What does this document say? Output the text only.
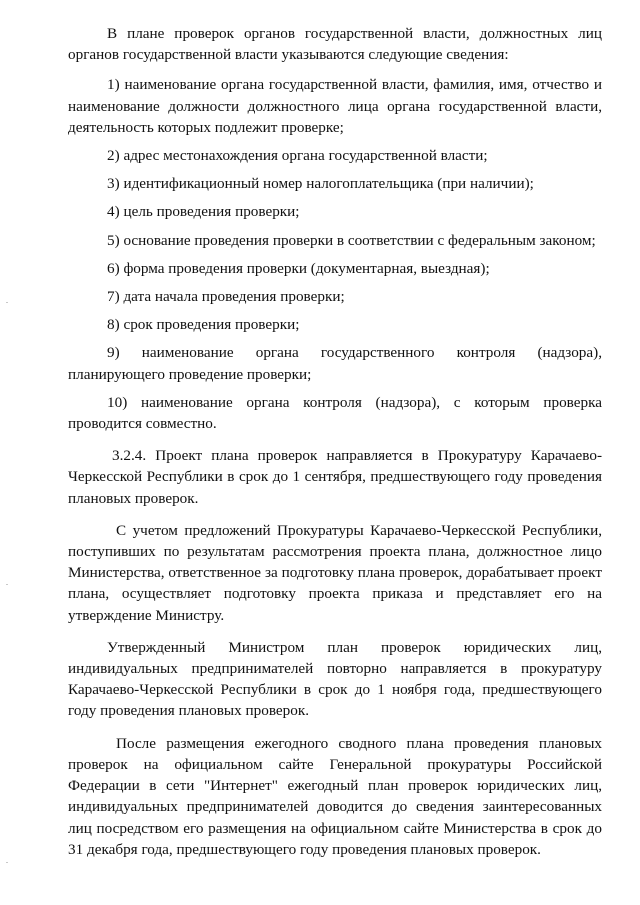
В плане проверок органов государственной власти, должностных лиц органов государственной власти указываются следующие сведения:

1) наименование органа государственной власти, фамилия, имя, отчество и наименование должности должностного лица органа государственной власти, деятельность которых подлежит проверке;

2) адрес местонахождения органа государственной власти;

3) идентификационный номер налогоплательщика (при наличии);

4) цель проведения проверки;

5) основание проведения проверки в соответствии с федеральным законом;

6) форма проведения проверки (документарная, выездная);

7) дата начала проведения проверки;

8) срок проведения проверки;

9) наименование органа государственного контроля (надзора), планирующего проведение проверки;

10) наименование органа контроля (надзора), с которым проверка проводится совместно.

3.2.4. Проект плана проверок направляется в Прокуратуру Карачаево-Черкесской Республики в срок до 1 сентября, предшествующего году проведения плановых проверок.

С учетом предложений Прокуратуры Карачаево-Черкесской Республики, поступивших по результатам рассмотрения проекта плана, должностное лицо Министерства, ответственное за подготовку плана проверок, дорабатывает проект плана, осуществляет подготовку проекта приказа и представляет его на утверждение Министру.

Утвержденный Министром план проверок юридических лиц, индивидуальных предпринимателей повторно направляется в прокуратуру Карачаево-Черкесской Республики в срок до 1 ноября года, предшествующего году проведения плановых проверок.

После размещения ежегодного сводного плана проведения плановых проверок на официальном сайте Генеральной прокуратуры Российской Федерации в сети "Интернет" ежегодный план проверок юридических лиц, индивидуальных предпринимателей доводится до сведения заинтересованных лиц посредством его размещения на официальном сайте Министерства в срок до 31 декабря года, предшествующего году проведения плановых проверок.
